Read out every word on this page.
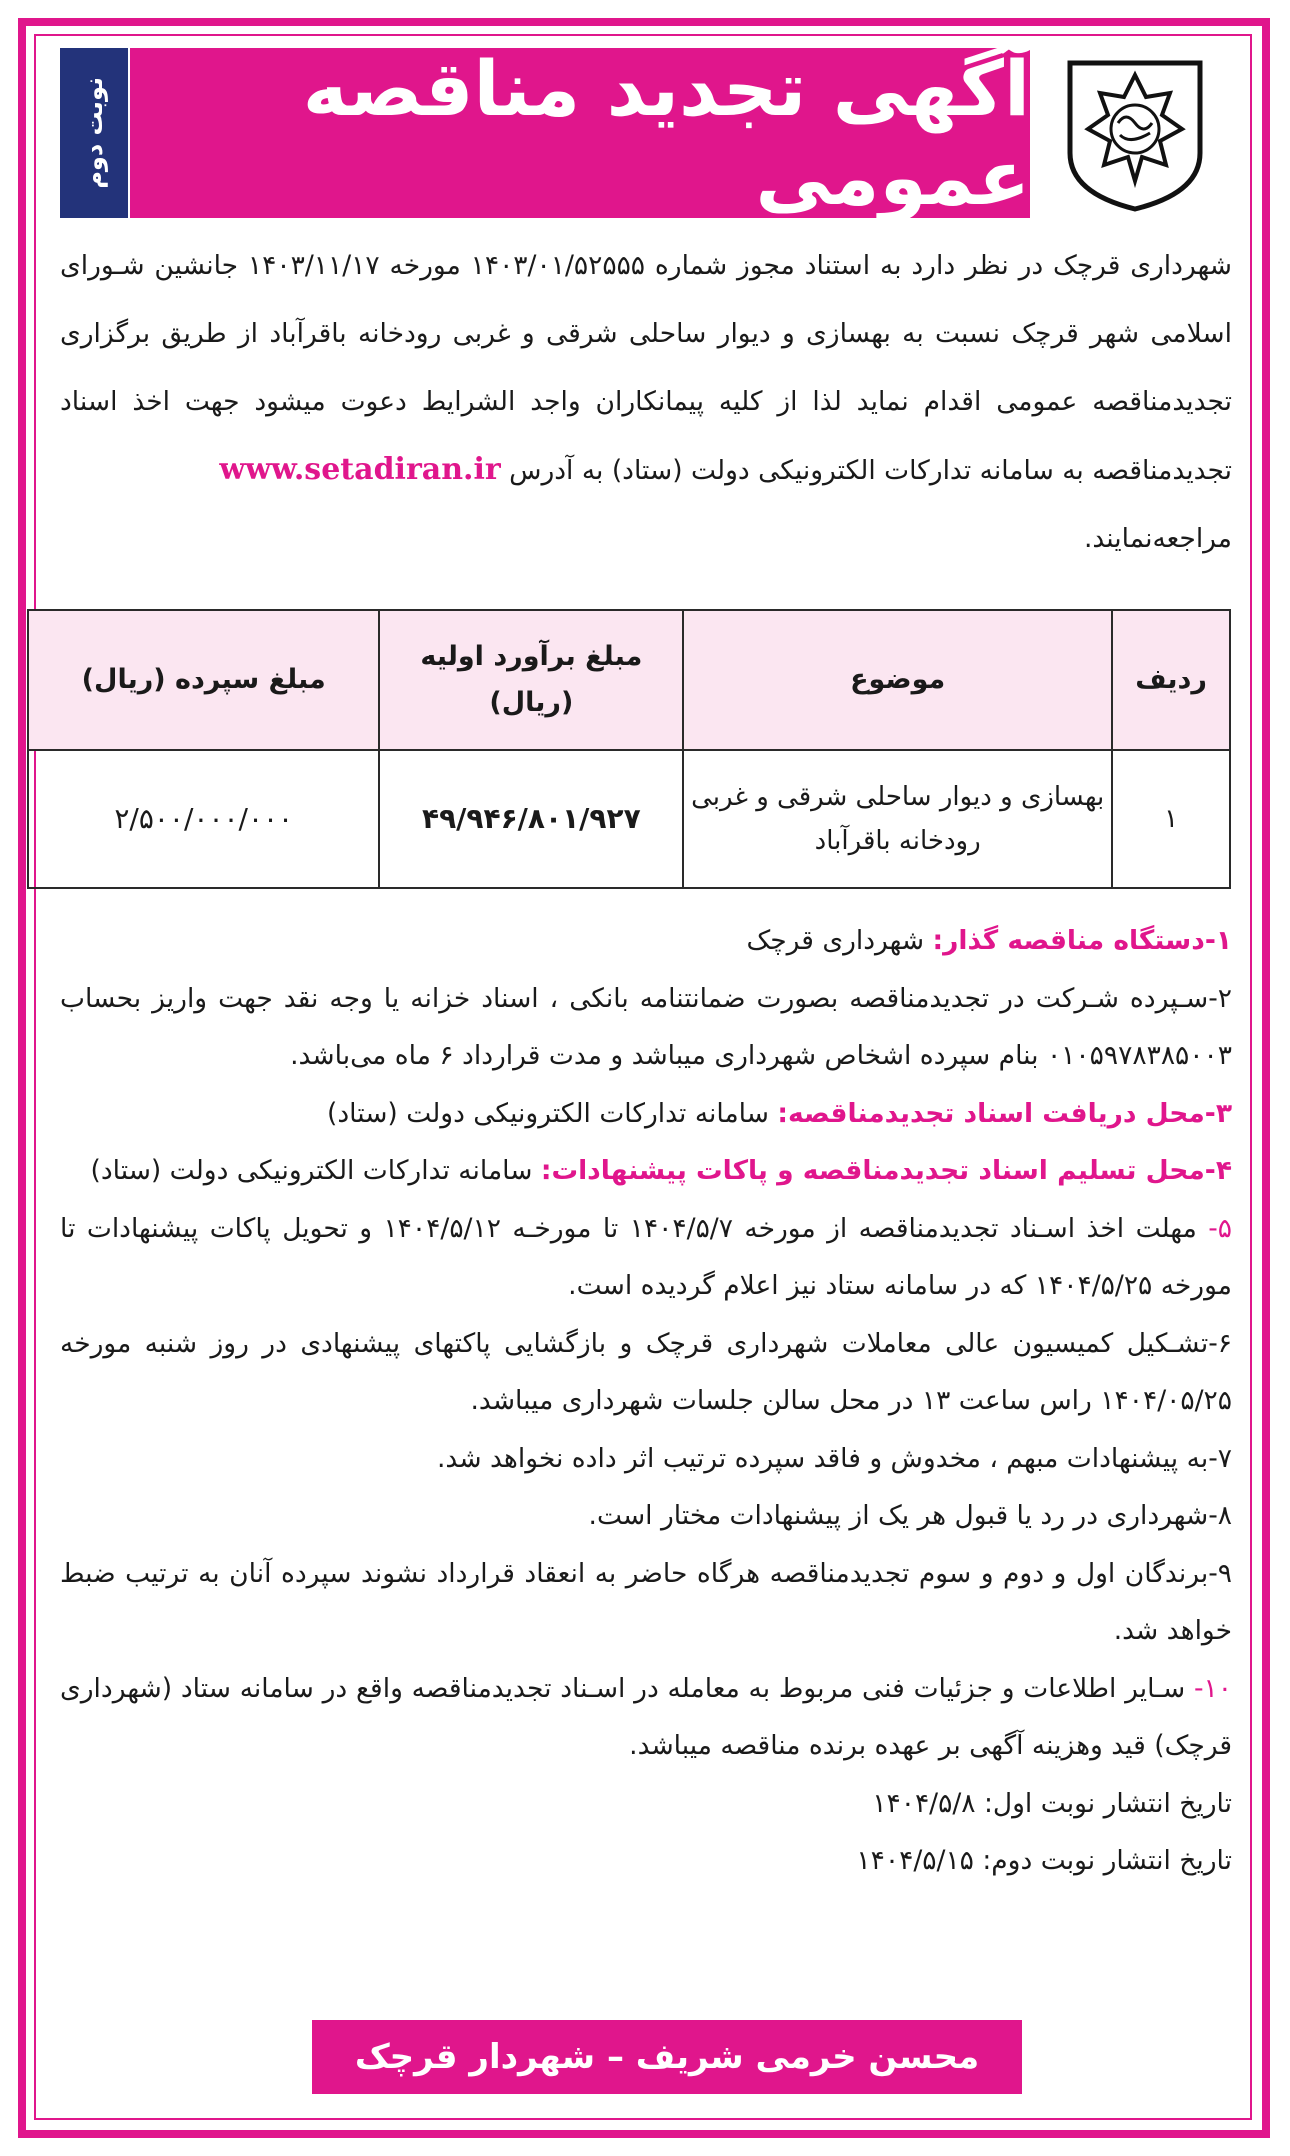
نوبت دوم	آگهی تجدید مناقصه عمومی
شهرداری قرچک در نظر دارد به استناد مجوز شماره ۱۴۰۳/۰۱/۵۲۵۵۵ مورخه ۱۴۰۳/۱۱/۱۷ جانشین شـورای اسلامی شهر قرچک نسبت به بهسازی و دیوار ساحلی شرقی و غربی رودخانه باقرآباد از طریق برگزاری تجدیدمناقصه عمومی اقدام نماید لذا از کلیه پیمانکاران واجد الشرایط دعوت میشود جهت اخذ اسناد تجدیدمناقصه به سامانه تدارکات الکترونیکی دولت (ستاد) به آدرس www.setadiran.ir
مراجعه‌نمایند.
ردیف	موضوع	مبلغ برآورد اولیه (ریال)	مبلغ سپرده (ریال)
۱	بهسازی و دیوار ساحلی شرقی و غربی رودخانه باقرآباد	۴۹/۹۴۶/۸۰۱/۹۲۷	۲/۵۰۰/۰۰۰/۰۰۰

۱-دستگاه مناقصه گذار: شهرداری قرچک

۲-سـپرده شـرکت در تجدیدمناقصه بصورت ضمانتنامه بانکی ، اسناد خزانه یا وجه نقد جهت واریز بحساب ۰۱۰۵۹۷۸۳۸۵۰۰۳ بنام سپرده اشخاص شهرداری میباشد و مدت قرارداد ۶ ماه می‌باشد.

۳-محل دریافت اسناد تجدیدمناقصه: سامانه تدارکات الکترونیکی دولت (ستاد)

۴-محل تسلیم اسناد تجدیدمناقصه و پاکات پیشنهادات: سامانه تدارکات الکترونیکی دولت (ستاد)

۵- مهلت اخذ اسـناد تجدیدمناقصه از مورخه ۱۴۰۴/۵/۷ تا مورخـه ۱۴۰۴/۵/۱۲ و تحویل پاکات پیشنهادات تا مورخه ۱۴۰۴/۵/۲۵ که در سامانه ستاد نیز اعلام گردیده است.

۶-تشـکیل کمیسیون عالی معاملات شهرداری قرچک و بازگشایی پاکتهای پیشنهادی در روز شنبه مورخه ۱۴۰۴/۰۵/۲۵ راس ساعت ۱۳ در محل سالن جلسات شهرداری میباشد.

۷-به پیشنهادات مبهم ، مخدوش و فاقد سپرده ترتیب اثر داده نخواهد شد.

۸-شهرداری در رد یا قبول هر یک از پیشنهادات مختار است.

۹-برندگان اول و دوم و سوم تجدیدمناقصه هرگاه حاضر به انعقاد قرارداد نشوند سپرده آنان به ترتیب ضبط خواهد شد.

۱۰- سـایر اطلاعات و جزئیات فنی مربوط به معامله در اسـناد تجدیدمناقصه واقع در سامانه ستاد (شهرداری قرچک) قید وهزینه آگهی بر عهده برنده مناقصه میباشد.

تاریخ انتشار نوبت اول: ۱۴۰۴/۵/۸

تاریخ انتشار نوبت دوم: ۱۴۰۴/۵/۱۵

محسن خرمی شریف – شهردار قرچک
